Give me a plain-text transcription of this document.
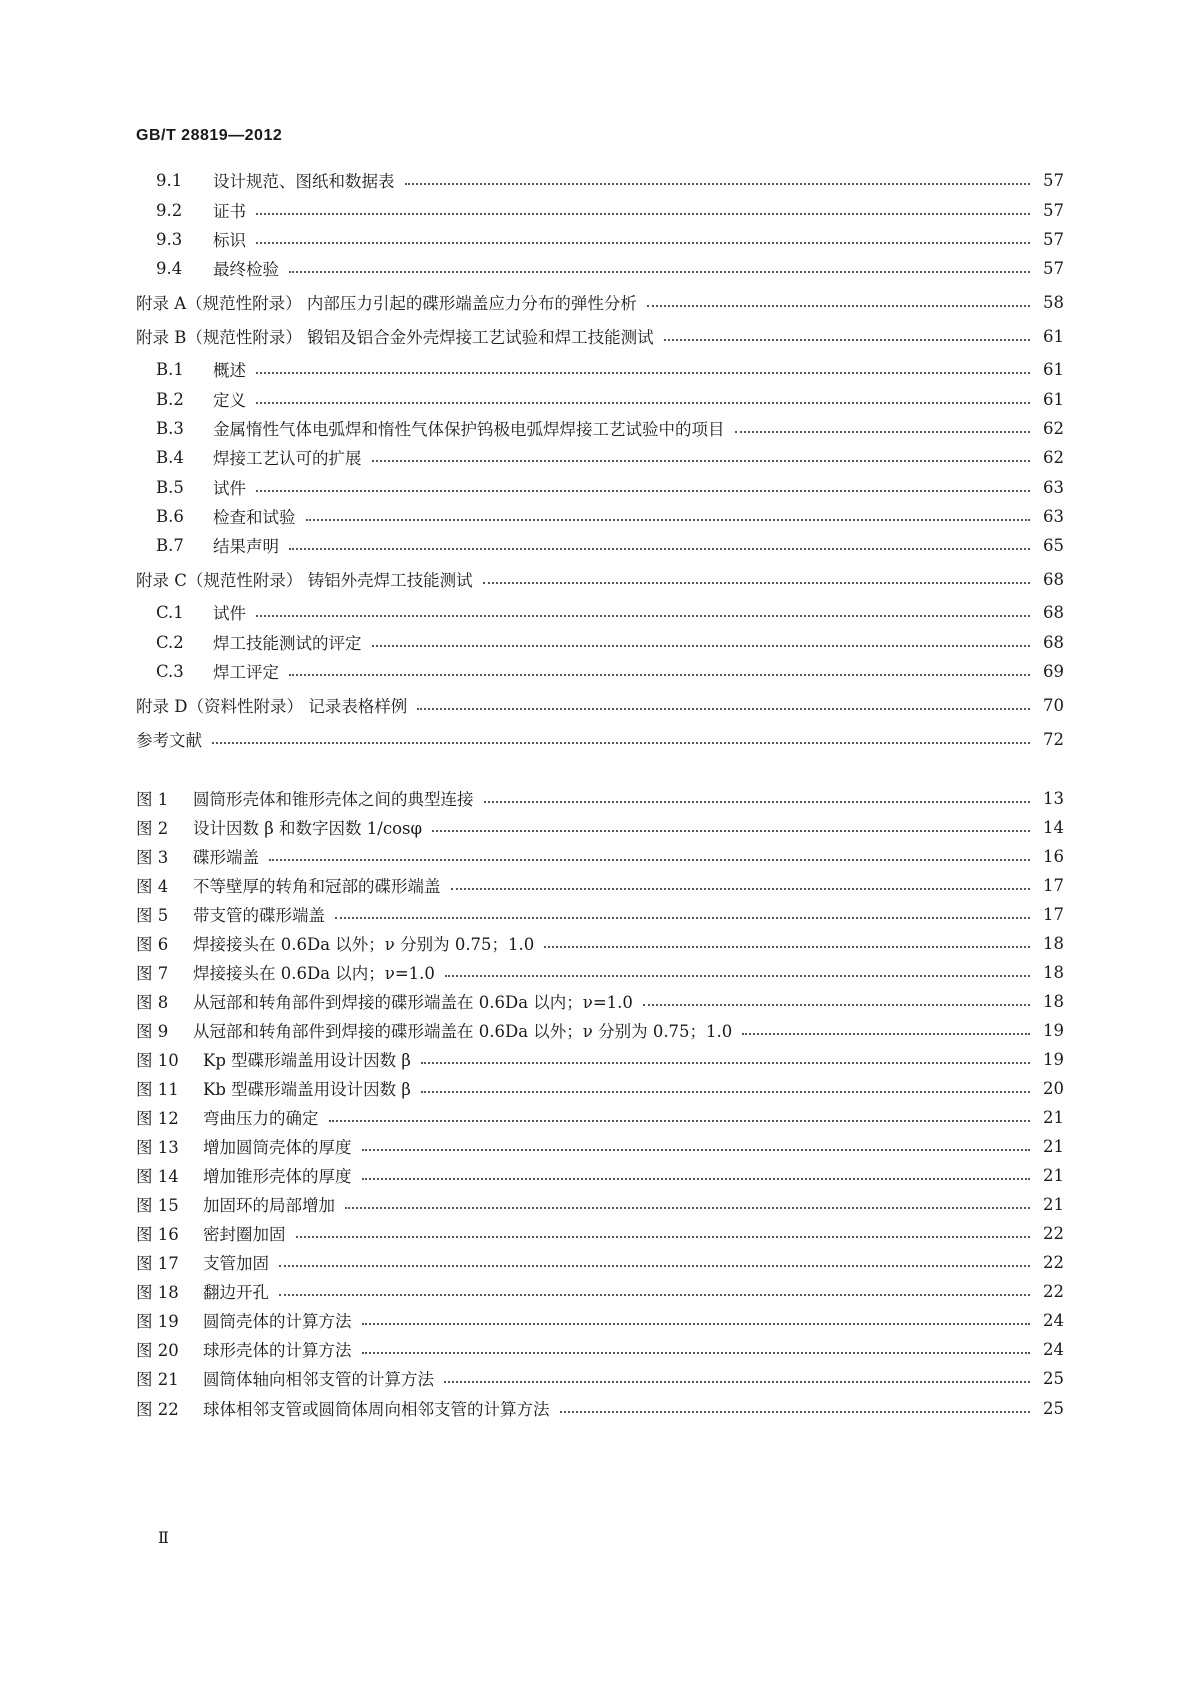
GB/T 28819—2012
9.1 设计规范、图纸和数据表	57
9.2 证书	57
9.3 标识	57
9.4 最终检验	57
附录 A（规范性附录） 内部压力引起的碟形端盖应力分布的弹性分析	58
附录 B（规范性附录） 锻铝及铝合金外壳焊接工艺试验和焊工技能测试	61
B.1 概述	61
B.2 定义	61
B.3 金属惰性气体电弧焊和惰性气体保护钨极电弧焊焊接工艺试验中的项目	62
B.4 焊接工艺认可的扩展	62
B.5 试件	63
B.6 检查和试验	63
B.7 结果声明	65
附录 C（规范性附录） 铸铝外壳焊工技能测试	68
C.1 试件	68
C.2 焊工技能测试的评定	68
C.3 焊工评定	69
附录 D（资料性附录） 记录表格样例	70
参考文献	72
图 1 圆筒形壳体和锥形壳体之间的典型连接	13
图 2 设计因数 β 和数字因数 1/cosφ	14
图 3 碟形端盖	16
图 4 不等壁厚的转角和冠部的碟形端盖	17
图 5 带支管的碟形端盖	17
图 6 焊接接头在 0.6Da 以外；ν 分别为 0.75；1.0	18
图 7 焊接接头在 0.6Da 以内；ν=1.0	18
图 8 从冠部和转角部件到焊接的碟形端盖在 0.6Da 以内；ν=1.0	18
图 9 从冠部和转角部件到焊接的碟形端盖在 0.6Da 以外；ν 分别为 0.75；1.0	19
图 10 Kp 型碟形端盖用设计因数 β	19
图 11 Kb 型碟形端盖用设计因数 β	20
图 12 弯曲压力的确定	21
图 13 增加圆筒壳体的厚度	21
图 14 增加锥形壳体的厚度	21
图 15 加固环的局部增加	21
图 16 密封圈加固	22
图 17 支管加固	22
图 18 翻边开孔	22
图 19 圆筒壳体的计算方法	24
图 20 球形壳体的计算方法	24
图 21 圆筒体轴向相邻支管的计算方法	25
图 22 球体相邻支管或圆筒体周向相邻支管的计算方法	25
Ⅱ
